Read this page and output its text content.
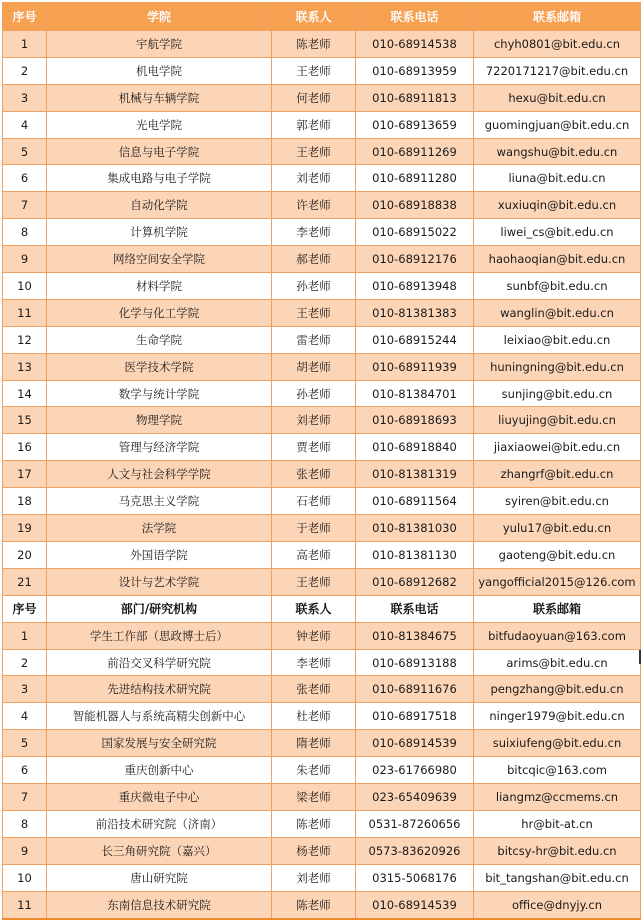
序号	学院	联系人	联系电话	联系邮箱
1	宇航学院	陈老师	010-68914538	chyh0801@bit.edu.cn
2	机电学院	王老师	010-68913959	7220171217@bit.edu.cn
3	机械与车辆学院	何老师	010-68911813	hexu@bit.edu.cn
4	光电学院	郭老师	010-68913659	guomingjuan@bit.edu.cn
5	信息与电子学院	王老师	010-68911269	wangshu@bit.edu.cn
6	集成电路与电子学院	刘老师	010-68911280	liuna@bit.edu.cn
7	自动化学院	许老师	010-68918838	xuxiuqin@bit.edu.cn
8	计算机学院	李老师	010-68915022	liwei_cs@bit.edu.cn
9	网络空间安全学院	郝老师	010-68912176	haohaoqian@bit.edu.cn
10	材料学院	孙老师	010-68913948	sunbf@bit.edu.cn
11	化学与化工学院	王老师	010-81381383	wanglin@bit.edu.cn
12	生命学院	雷老师	010-68915244	leixiao@bit.edu.cn
13	医学技术学院	胡老师	010-68911939	huningning@bit.edu.cn
14	数学与统计学院	孙老师	010-81384701	sunjing@bit.edu.cn
15	物理学院	刘老师	010-68918693	liuyujing@bit.edu.cn
16	管理与经济学院	贾老师	010-68918840	jiaxiaowei@bit.edu.cn
17	人文与社会科学学院	张老师	010-81381319	zhangrf@bit.edu.cn
18	马克思主义学院	石老师	010-68911564	syiren@bit.edu.cn
19	法学院	于老师	010-81381030	yulu17@bit.edu.cn
20	外国语学院	高老师	010-81381130	gaoteng@bit.edu.cn
21	设计与艺术学院	王老师	010-68912682	yangofficial2015@126.com
序号	部门/研究机构	联系人	联系电话	联系邮箱
1	学生工作部（思政博士后）	钟老师	010-81384675	bitfudaoyuan@163.com
2	前沿交叉科学研究院	李老师	010-68913188	arims@bit.edu.cn
3	先进结构技术研究院	张老师	010-68911676	pengzhang@bit.edu.cn
4	智能机器人与系统高精尖创新中心	杜老师	010-68917518	ninger1979@bit.edu.cn
5	国家发展与安全研究院	隋老师	010-68914539	suixiufeng@bit.edu.cn
6	重庆创新中心	朱老师	023-61766980	bitcqic@163.com
7	重庆微电子中心	梁老师	023-65409639	liangmz@ccmems.cn
8	前沿技术研究院（济南）	陈老师	0531-87260656	hr@bit-at.cn
9	长三角研究院（嘉兴）	杨老师	0573-83620926	bitcsy-hr@bit.edu.cn
10	唐山研究院	刘老师	0315-5068176	bit_tangshan@bit.edu.cn
11	东南信息技术研究院	陈老师	010-68914539	office@dnyjy.cn
